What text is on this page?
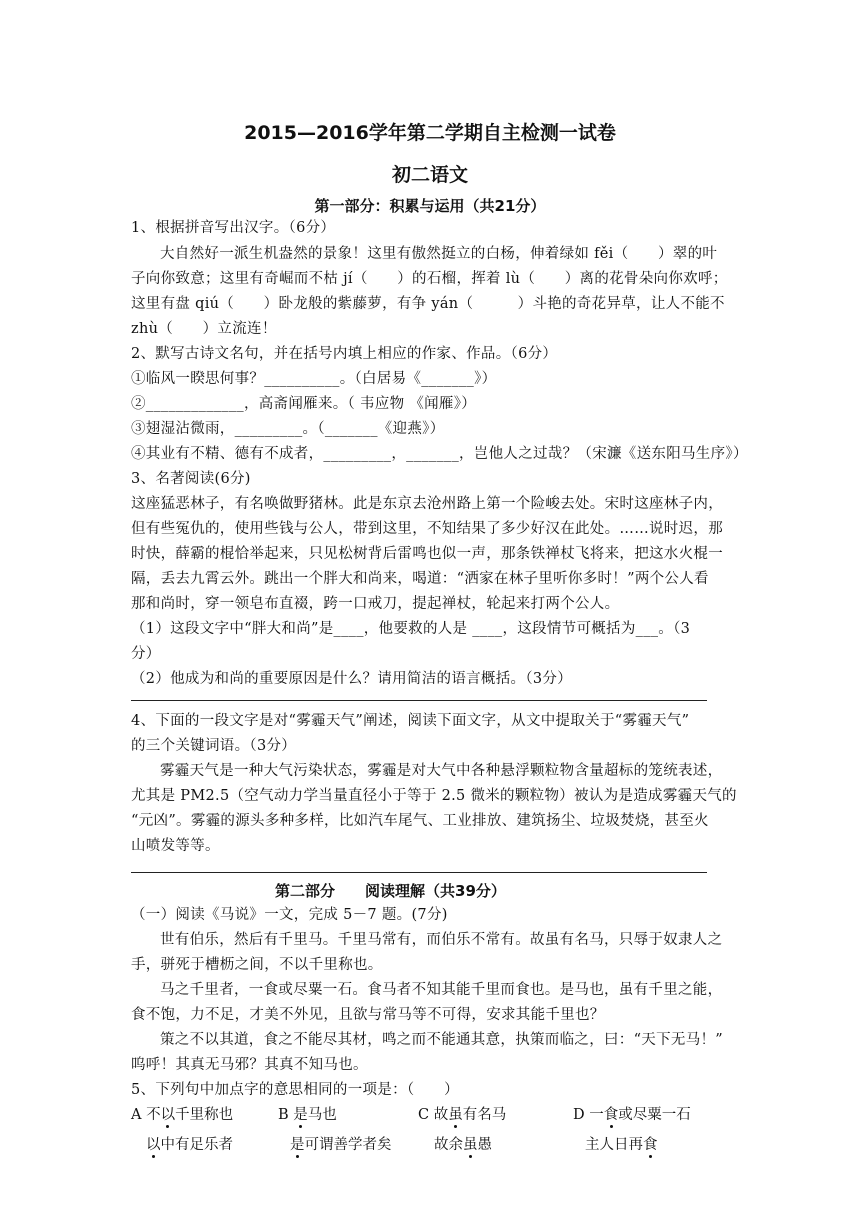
2015—2016学年第二学期自主检测一试卷
初二语文
第一部分：积累与运用（共21分）
1、根据拼音写出汉字。（6分）
大自然好一派生机盎然的景象！这里有傲然挺立的白杨，伸着绿如 fěi（　　）翠的叶
子向你致意；这里有奇崛而不枯 jí（　　）的石榴，挥着 lù（　　）离的花骨朵向你欢呼；
这里有盘 qiú（　　）卧龙般的紫藤萝，有争 yán（　　　）斗艳的奇花异草，让人不能不
zhù（　　）立流连！
2、默写古诗文名句，并在括号内填上相应的作家、作品。（6分）
①临风一睽思何事？__________。（白居易《_______》）
②_____________，高斋闻雁来。（ 韦应物 《闻雁》）
③翅湿沾微雨，_________。（_______《迎燕》）
④其业有不精、德有不成者，_________，_______，岂他人之过哉？（宋濂《送东阳马生序》）
3、名著阅读(6分)
这座猛恶林子，有名唤做野猪林。此是东京去沧州路上第一个险峻去处。宋时这座林子内，
但有些冤仇的，使用些钱与公人，带到这里，不知结果了多少好汉在此处。……说时迟，那
时快，薛霸的棍恰举起来，只见松树背后雷鸣也似一声，那条铁禅杖飞将来，把这水火棍一
隔，丢去九霄云外。跳出一个胖大和尚来，喝道：“洒家在林子里听你多时！”两个公人看
那和尚时，穿一领皂布直裰，跨一口戒刀，提起禅杖，轮起来打两个公人。
（1）这段文字中“胖大和尚”是____，他要救的人是 ____，这段情节可概括为___。（3
分）
（2）他成为和尚的重要原因是什么？请用简洁的语言概括。（3分）
4、下面的一段文字是对“雾霾天气”阐述，阅读下面文字，从文中提取关于“雾霾天气”
的三个关键词语。（3分）
雾霾天气是一种大气污染状态，雾霾是对大气中各种悬浮颗粒物含量超标的笼统表述，
尤其是 PM2.5（空气动力学当量直径小于等于 2.5 微米的颗粒物）被认为是造成雾霾天气的
“元凶”。雾霾的源头多种多样，比如汽车尾气、工业排放、建筑扬尘、垃圾焚烧，甚至火
山喷发等等。
第二部分　　阅读理解（共39分）
（一）阅读《马说》一文，完成 5－7 题。(7分)
世有伯乐，然后有千里马。千里马常有，而伯乐不常有。故虽有名马，只辱于奴隶人之
手，骈死于槽枥之间，不以千里称也。
马之千里者，一食或尽粟一石。食马者不知其能千里而食也。是马也，虽有千里之能，
食不饱，力不足，才美不外见，且欲与常马等不可得，安求其能千里也？
策之不以其道，食之不能尽其材，鸣之而不能通其意，执策而临之，曰：“天下无马！”
呜呼！其真无马邪？其真不知马也。
5、下列句中加点字的意思相同的一项是：（　　）
A 不以千里称也	B 是马也	C 故虽有名马	D 一食或尽粟一石
以中有足乐者	是可谓善学者矣	故余虽愚	主人日再食
